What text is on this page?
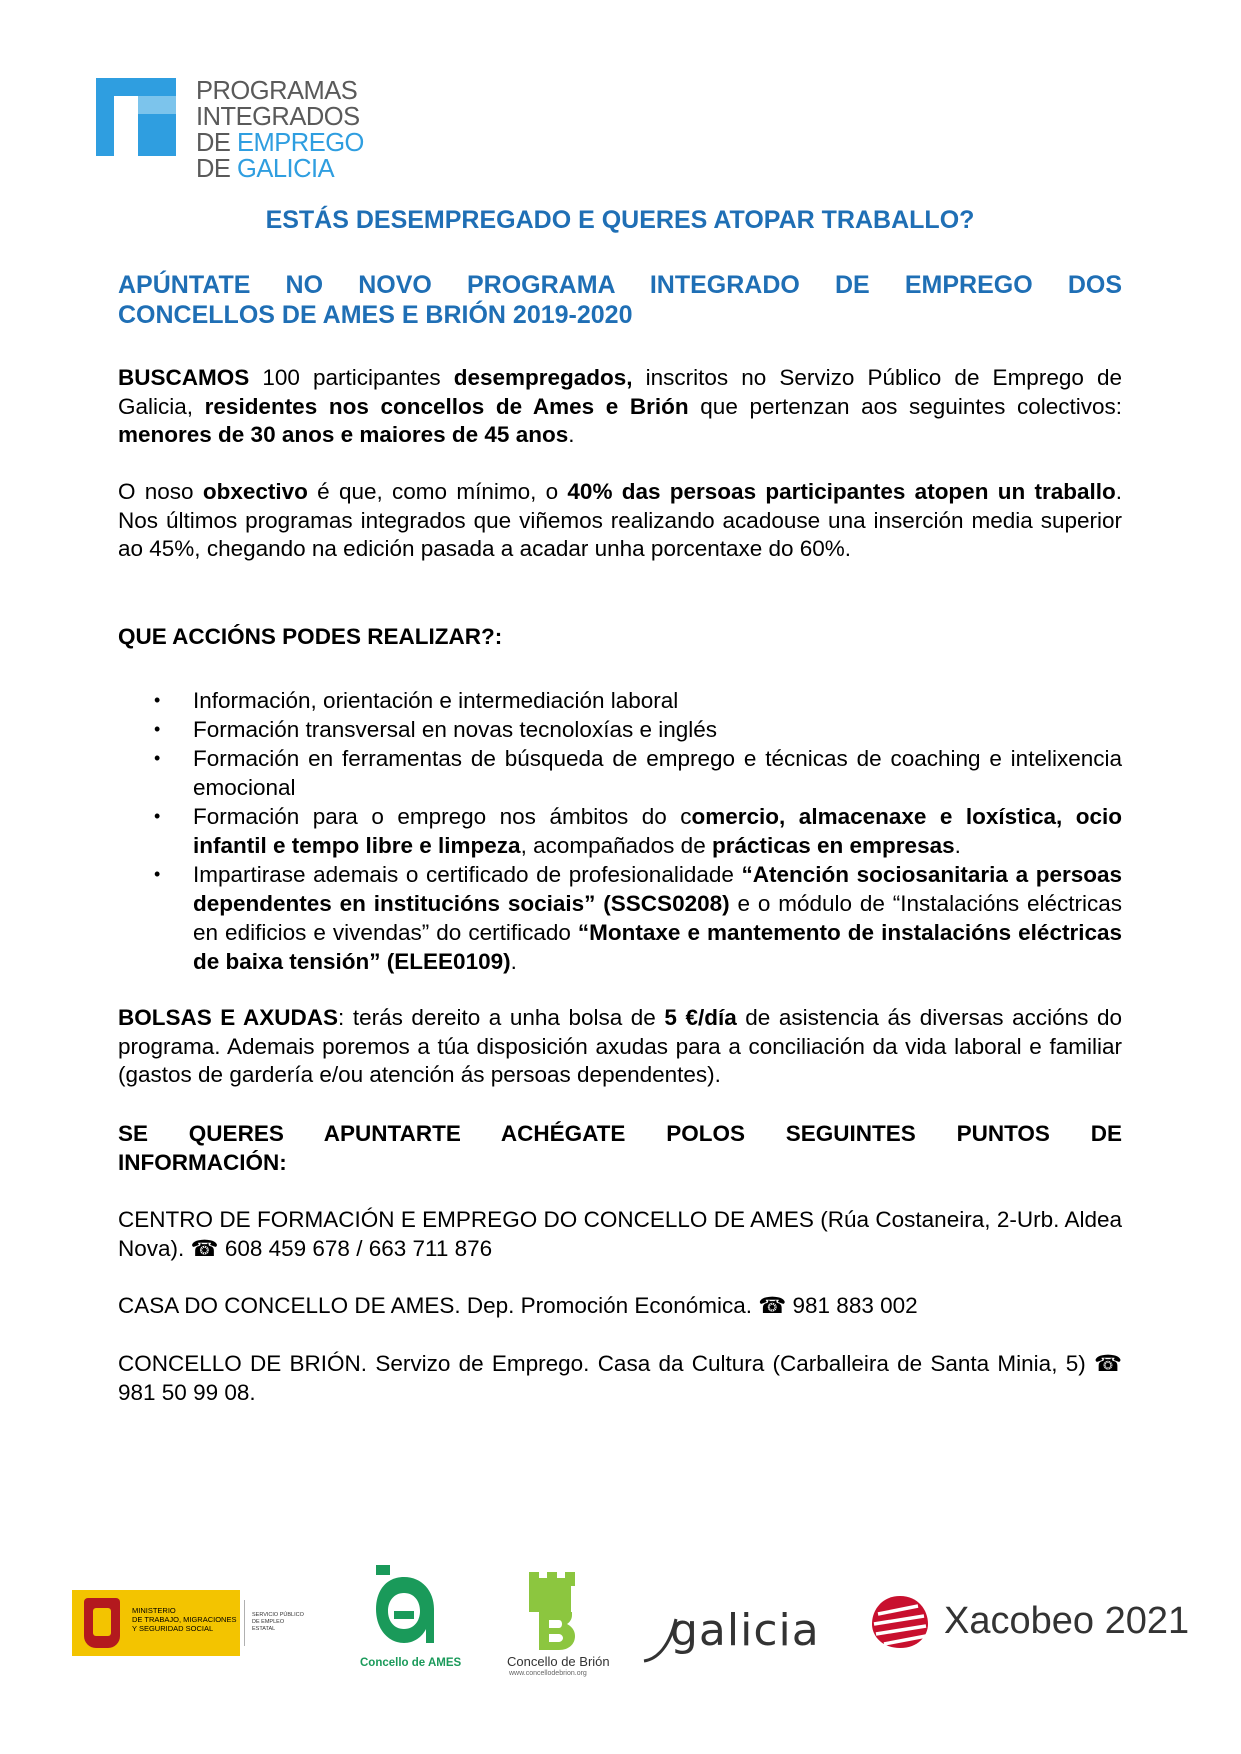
PROGRAMAS
INTEGRADOS
DE EMPREGO
DE GALICIA
ESTÁS DESEMPREGADO E QUERES ATOPAR TRABALLO?
APÚNTATE NO NOVO PROGRAMA INTEGRADO DE EMPREGO DOS
CONCELLOS DE AMES E BRIÓN 2019-2020
BUSCAMOS 100 participantes desempregados, inscritos no Servizo Público de Emprego de Galicia, residentes nos concellos de Ames e Brión que pertenzan aos seguintes colectivos: menores de 30 anos e maiores de 45 anos.
O noso obxectivo é que, como mínimo, o 40% das persoas participantes atopen un traballo. Nos últimos programas integrados que viñemos realizando acadouse una inserción media superior ao 45%, chegando na edición pasada a acadar unha porcentaxe do 60%.
QUE ACCIÓNS PODES REALIZAR?:
• Información, orientación e intermediación laboral
• Formación transversal en novas tecnoloxías e inglés
• Formación en ferramentas de búsqueda de emprego e técnicas de coaching e intelixencia emocional
• Formación para o emprego nos ámbitos do comercio, almacenaxe e loxística, ocio infantil e tempo libre e limpeza, acompañados de prácticas en empresas.
• Impartirase ademais o certificado de profesionalidade “Atención sociosanitaria a persoas dependentes en institucións sociais” (SSCS0208) e o módulo de “Instalacións eléctricas en edificios e vivendas” do certificado “Montaxe e mantemento de instalacións eléctricas de baixa tensión” (ELEE0109).
BOLSAS E AXUDAS: terás dereito a unha bolsa de 5 €/día de asistencia ás diversas accións do programa. Ademais poremos a túa disposición axudas para a conciliación da vida laboral e familiar (gastos de gardería e/ou atención ás persoas dependentes).
SE QUERES APUNTARTE ACHÉGATE POLOS SEGUINTES PUNTOS DE
INFORMACIÓN:
CENTRO DE FORMACIÓN E EMPREGO DO CONCELLO DE AMES (Rúa Costaneira, 2-Urb. Aldea Nova). ☎ 608 459 678 / 663 711 876
CASA DO CONCELLO DE AMES. Dep. Promoción Económica. ☎ 981 883 002
CONCELLO DE BRIÓN. Servizo de Emprego. Casa da Cultura (Carballeira de Santa Minia, 5) ☎ 981 50 99 08.
MINISTERIO
DE TRABAJO, MIGRACIONES
Y SEGURIDAD SOCIAL
SERVICIO PÚBLICO
DE EMPLEO ESTATAL
Concello de AMES	Concello de Brión
www.concellodebrion.org
galicia	Xacobeo 2021
